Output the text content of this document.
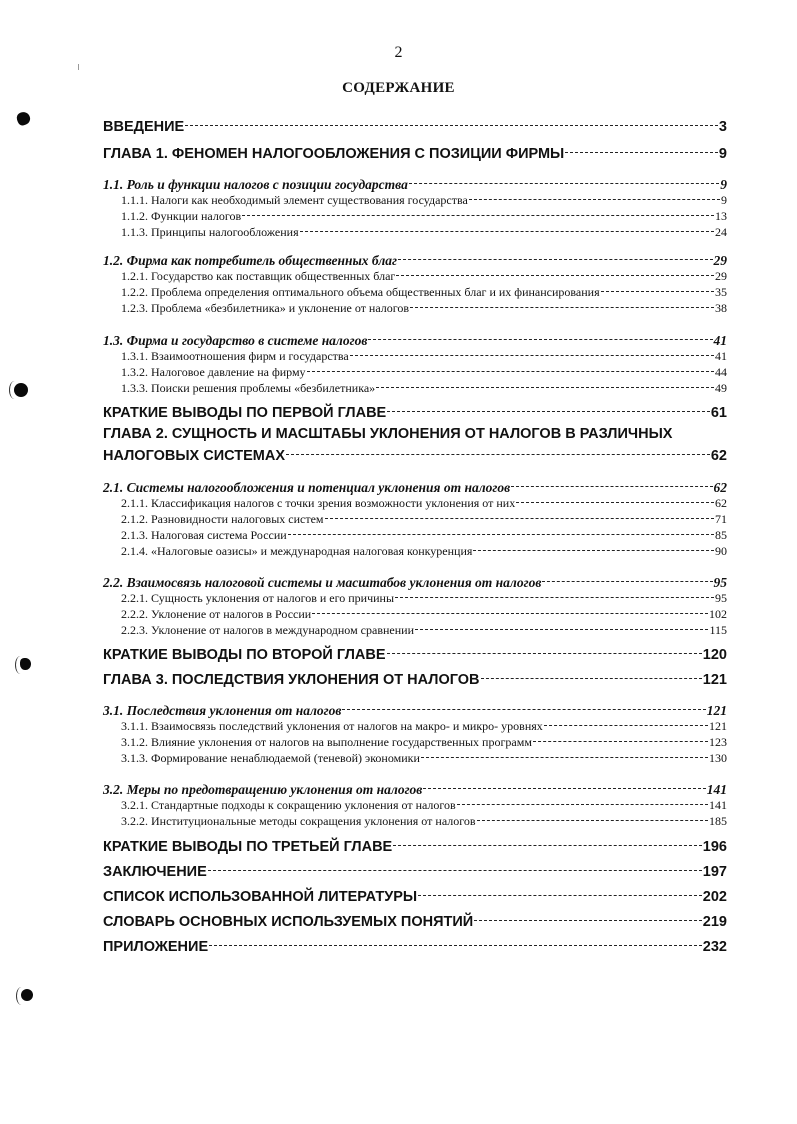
2
СОДЕРЖАНИЕ
ВВЕДЕНИЕ	3
ГЛАВА 1. ФЕНОМЕН НАЛОГООБЛОЖЕНИЯ С ПОЗИЦИИ ФИРМЫ	9
1.1. Роль и функции налогов с позиции государства	9
1.1.1. Налоги как необходимый элемент существования государства	9
1.1.2. Функции налогов	13
1.1.3. Принципы налогообложения	24
1.2. Фирма как потребитель общественных благ	29
1.2.1. Государство как поставщик общественных благ	29
1.2.2. Проблема определения оптимального объема общественных благ и их финансирования	35
1.2.3. Проблема «безбилетника» и уклонение от налогов	38
1.3. Фирма и государство в системе налогов	41
1.3.1. Взаимоотношения фирм и государства	41
1.3.2. Налоговое давление на фирму	44
1.3.3. Поиски решения проблемы «безбилетника»	49
КРАТКИЕ ВЫВОДЫ ПО ПЕРВОЙ ГЛАВЕ	61
ГЛАВА 2. СУЩНОСТЬ И МАСШТАБЫ УКЛОНЕНИЯ ОТ НАЛОГОВ В РАЗЛИЧНЫХ
НАЛОГОВЫХ СИСТЕМАХ	62
2.1. Системы налогообложения и потенциал уклонения от налогов	62
2.1.1. Классификация налогов с точки зрения возможности уклонения от них	62
2.1.2. Разновидности налоговых систем	71
2.1.3. Налоговая система России	85
2.1.4. «Налоговые оазисы» и международная налоговая конкуренция	90
2.2. Взаимосвязь налоговой системы и масштабов уклонения от налогов	95
2.2.1. Сущность уклонения от налогов и его причины	95
2.2.2. Уклонение от налогов в России	102
2.2.3. Уклонение от налогов в международном сравнении	115
КРАТКИЕ ВЫВОДЫ ПО ВТОРОЙ ГЛАВЕ	120
ГЛАВА 3. ПОСЛЕДСТВИЯ УКЛОНЕНИЯ ОТ НАЛОГОВ	121
3.1. Последствия уклонения от налогов	121
3.1.1. Взаимосвязь последствий уклонения от налогов на макро- и микро- уровнях	121
3.1.2. Влияние уклонения от налогов на выполнение государственных программ	123
3.1.3. Формирование ненаблюдаемой (теневой) экономики	130
3.2. Меры по предотвращению уклонения от налогов	141
3.2.1. Стандартные подходы к сокращению уклонения от налогов	141
3.2.2. Институциональные методы сокращения уклонения от налогов	185
КРАТКИЕ ВЫВОДЫ ПО ТРЕТЬЕЙ ГЛАВЕ	196
ЗАКЛЮЧЕНИЕ	197
СПИСОК ИСПОЛЬЗОВАННОЙ ЛИТЕРАТУРЫ	202
СЛОВАРЬ ОСНОВНЫХ ИСПОЛЬЗУЕМЫХ ПОНЯТИЙ	219
ПРИЛОЖЕНИЕ	232
